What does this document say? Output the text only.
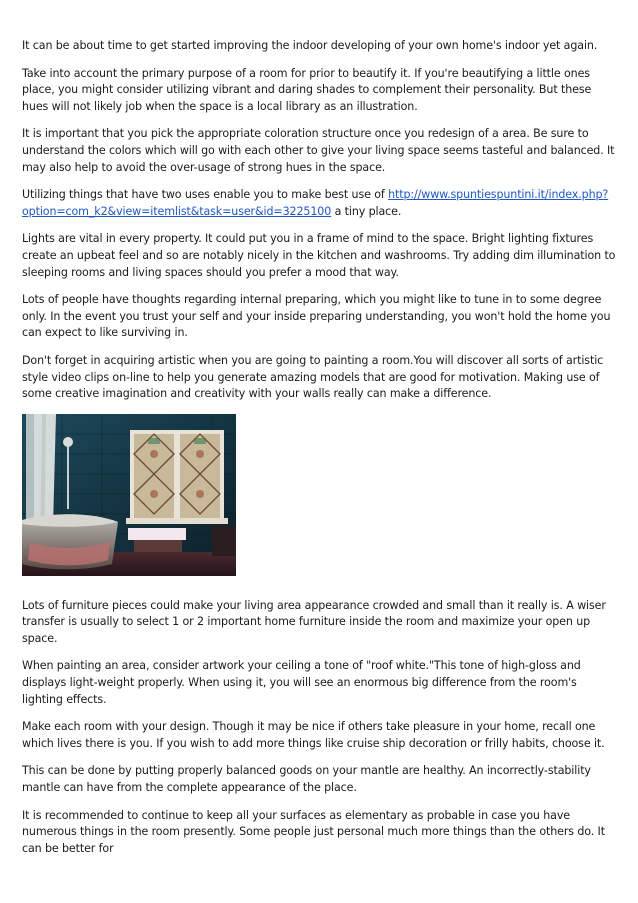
It can be about time to get started improving the indoor developing of your own home's indoor yet again.

Take into account the primary purpose of a room for prior to beautify it. If you're beautifying a little ones place, you might consider utilizing vibrant and daring shades to complement their personality. But these hues will not likely job when the space is a local library as an illustration.

It is important that you pick the appropriate coloration structure once you redesign of a area. Be sure to understand the colors which will go with each other to give your living space seems tasteful and balanced. It may also help to avoid the over-usage of strong hues in the space.

Utilizing things that have two uses enable you to make best use of http://www.spuntiespuntini.it/index.php?option=com_k2&view=itemlist&task=user&id=3225100 a tiny place.

Lights are vital in every property. It could put you in a frame of mind to the space. Bright lighting fixtures create an upbeat feel and so are notably nicely in the kitchen and washrooms. Try adding dim illumination to sleeping rooms and living spaces should you prefer a mood that way.

Lots of people have thoughts regarding internal preparing, which you might like to tune in to some degree only. In the event you trust your self and your inside preparing understanding, you won't hold the home you can expect to like surviving in.

Don't forget in acquiring artistic when you are going to painting a room.You will discover all sorts of artistic style video clips on-line to help you generate amazing models that are good for motivation. Making use of some creative imagination and creativity with your walls really can make a difference.

Lots of furniture pieces could make your living area appearance crowded and small than it really is. A wiser transfer is usually to select 1 or 2 important home furniture inside the room and maximize your open up space.

When painting an area, consider artwork your ceiling a tone of "roof white."This tone of high-gloss and displays light-weight properly. When using it, you will see an enormous big difference from the room's lighting effects.

Make each room with your design. Though it may be nice if others take pleasure in your home, recall one which lives there is you. If you wish to add more things like cruise ship decoration or frilly habits, choose it.

This can be done by putting properly balanced goods on your mantle are healthy. An incorrectly-stability mantle can have from the complete appearance of the place.

It is recommended to continue to keep all your surfaces as elementary as probable in case you have numerous things in the room presently. Some people just personal much more things than the others do. It can be better for
